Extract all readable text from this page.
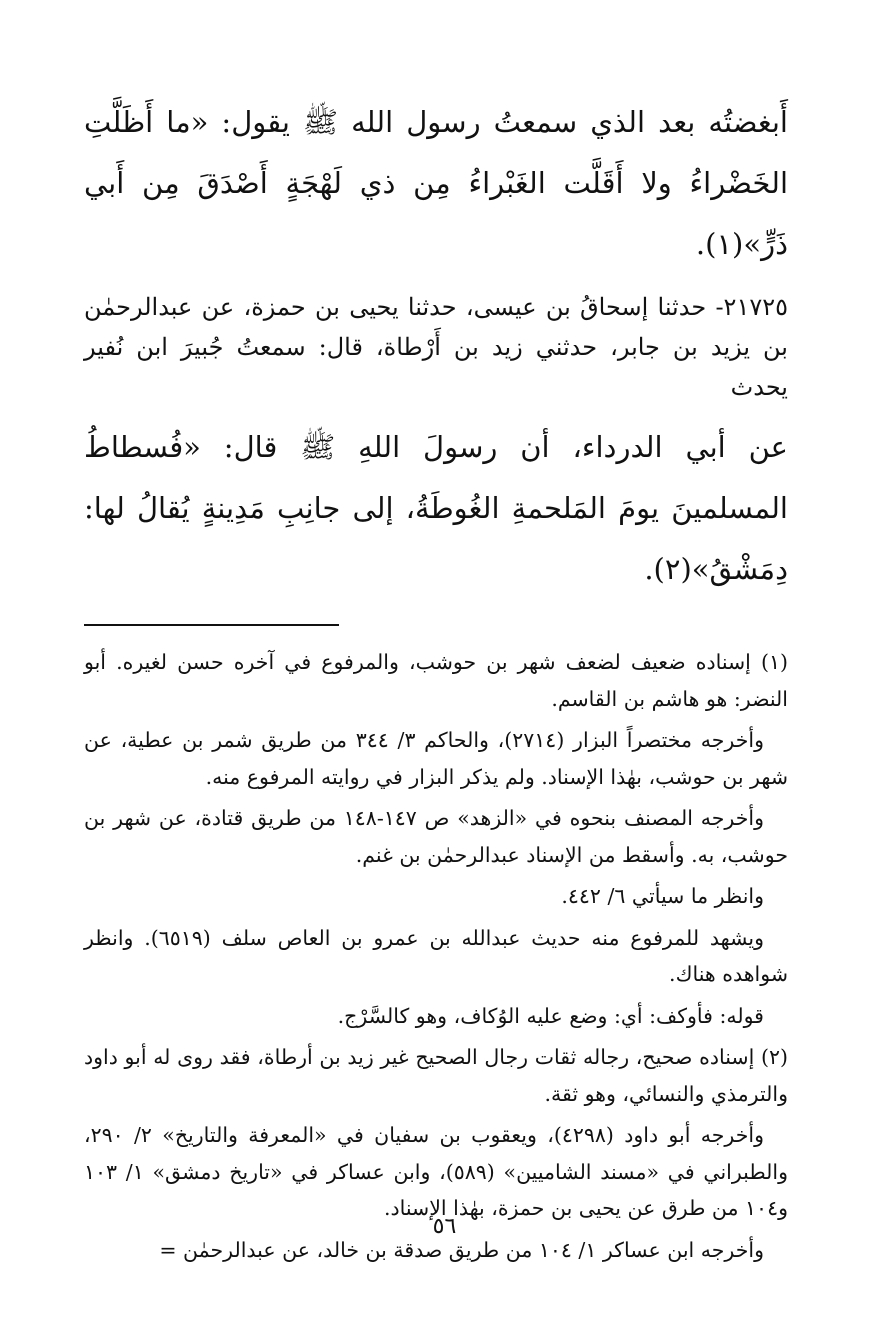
أَبغضتُه بعد الذي سمعتُ رسول الله ﷺ يقول: «ما أَظَلَّتِ الخَضْراءُ ولا أَقَلَّت الغَبْراءُ مِن ذي لَهْجَةٍ أَصْدَقَ مِن أَبي ذَرٍّ»(١).

٢١٧٢٥- حدثنا إسحاقُ بن عيسى، حدثنا يحيى بن حمزة، عن عبدالرحمٰن بن يزيد بن جابر، حدثني زيد بن أَرْطاة، قال: سمعتُ جُبيرَ ابن نُفير يحدث

عن أبي الدرداء، أن رسولَ اللهِ ﷺ قال: «فُسطاطُ المسلمينَ يومَ المَلحمةِ الغُوطَةُ، إلى جانِبِ مَدِينةٍ يُقالُ لها: دِمَشْقُ»(٢).

(١) إسناده ضعيف لضعف شهر بن حوشب، والمرفوع في آخره حسن لغيره. أبو النضر: هو هاشم بن القاسم.

وأخرجه مختصراً البزار (٢٧١٤)، والحاكم ٣/ ٣٤٤ من طريق شمر بن عطية، عن شهر بن حوشب، بهٰذا الإسناد. ولم يذكر البزار في روايته المرفوع منه.

وأخرجه المصنف بنحوه في «الزهد» ص ١٤٧-١٤٨ من طريق قتادة، عن شهر بن حوشب، به. وأسقط من الإسناد عبدالرحمٰن بن غنم.

وانظر ما سيأتي ٦/ ٤٤٢.

ويشهد للمرفوع منه حديث عبدالله بن عمرو بن العاص سلف (٦٥١٩). وانظر شواهده هناك.

قوله: فأوكف: أي: وضع عليه الوُكاف، وهو كالسَّرْج.

(٢) إسناده صحيح، رجاله ثقات رجال الصحيح غير زيد بن أرطاة، فقد روى له أبو داود والترمذي والنسائي، وهو ثقة.

وأخرجه أبو داود (٤٢٩٨)، ويعقوب بن سفيان في «المعرفة والتاريخ» ٢/ ٢٩٠، والطبراني في «مسند الشاميين» (٥٨٩)، وابن عساكر في «تاريخ دمشق» ١/ ١٠٣ و١٠٤ من طرق عن يحيى بن حمزة، بهٰذا الإسناد.

وأخرجه ابن عساكر ١/ ١٠٤ من طريق صدقة بن خالد، عن عبدالرحمٰن =

٥٦
